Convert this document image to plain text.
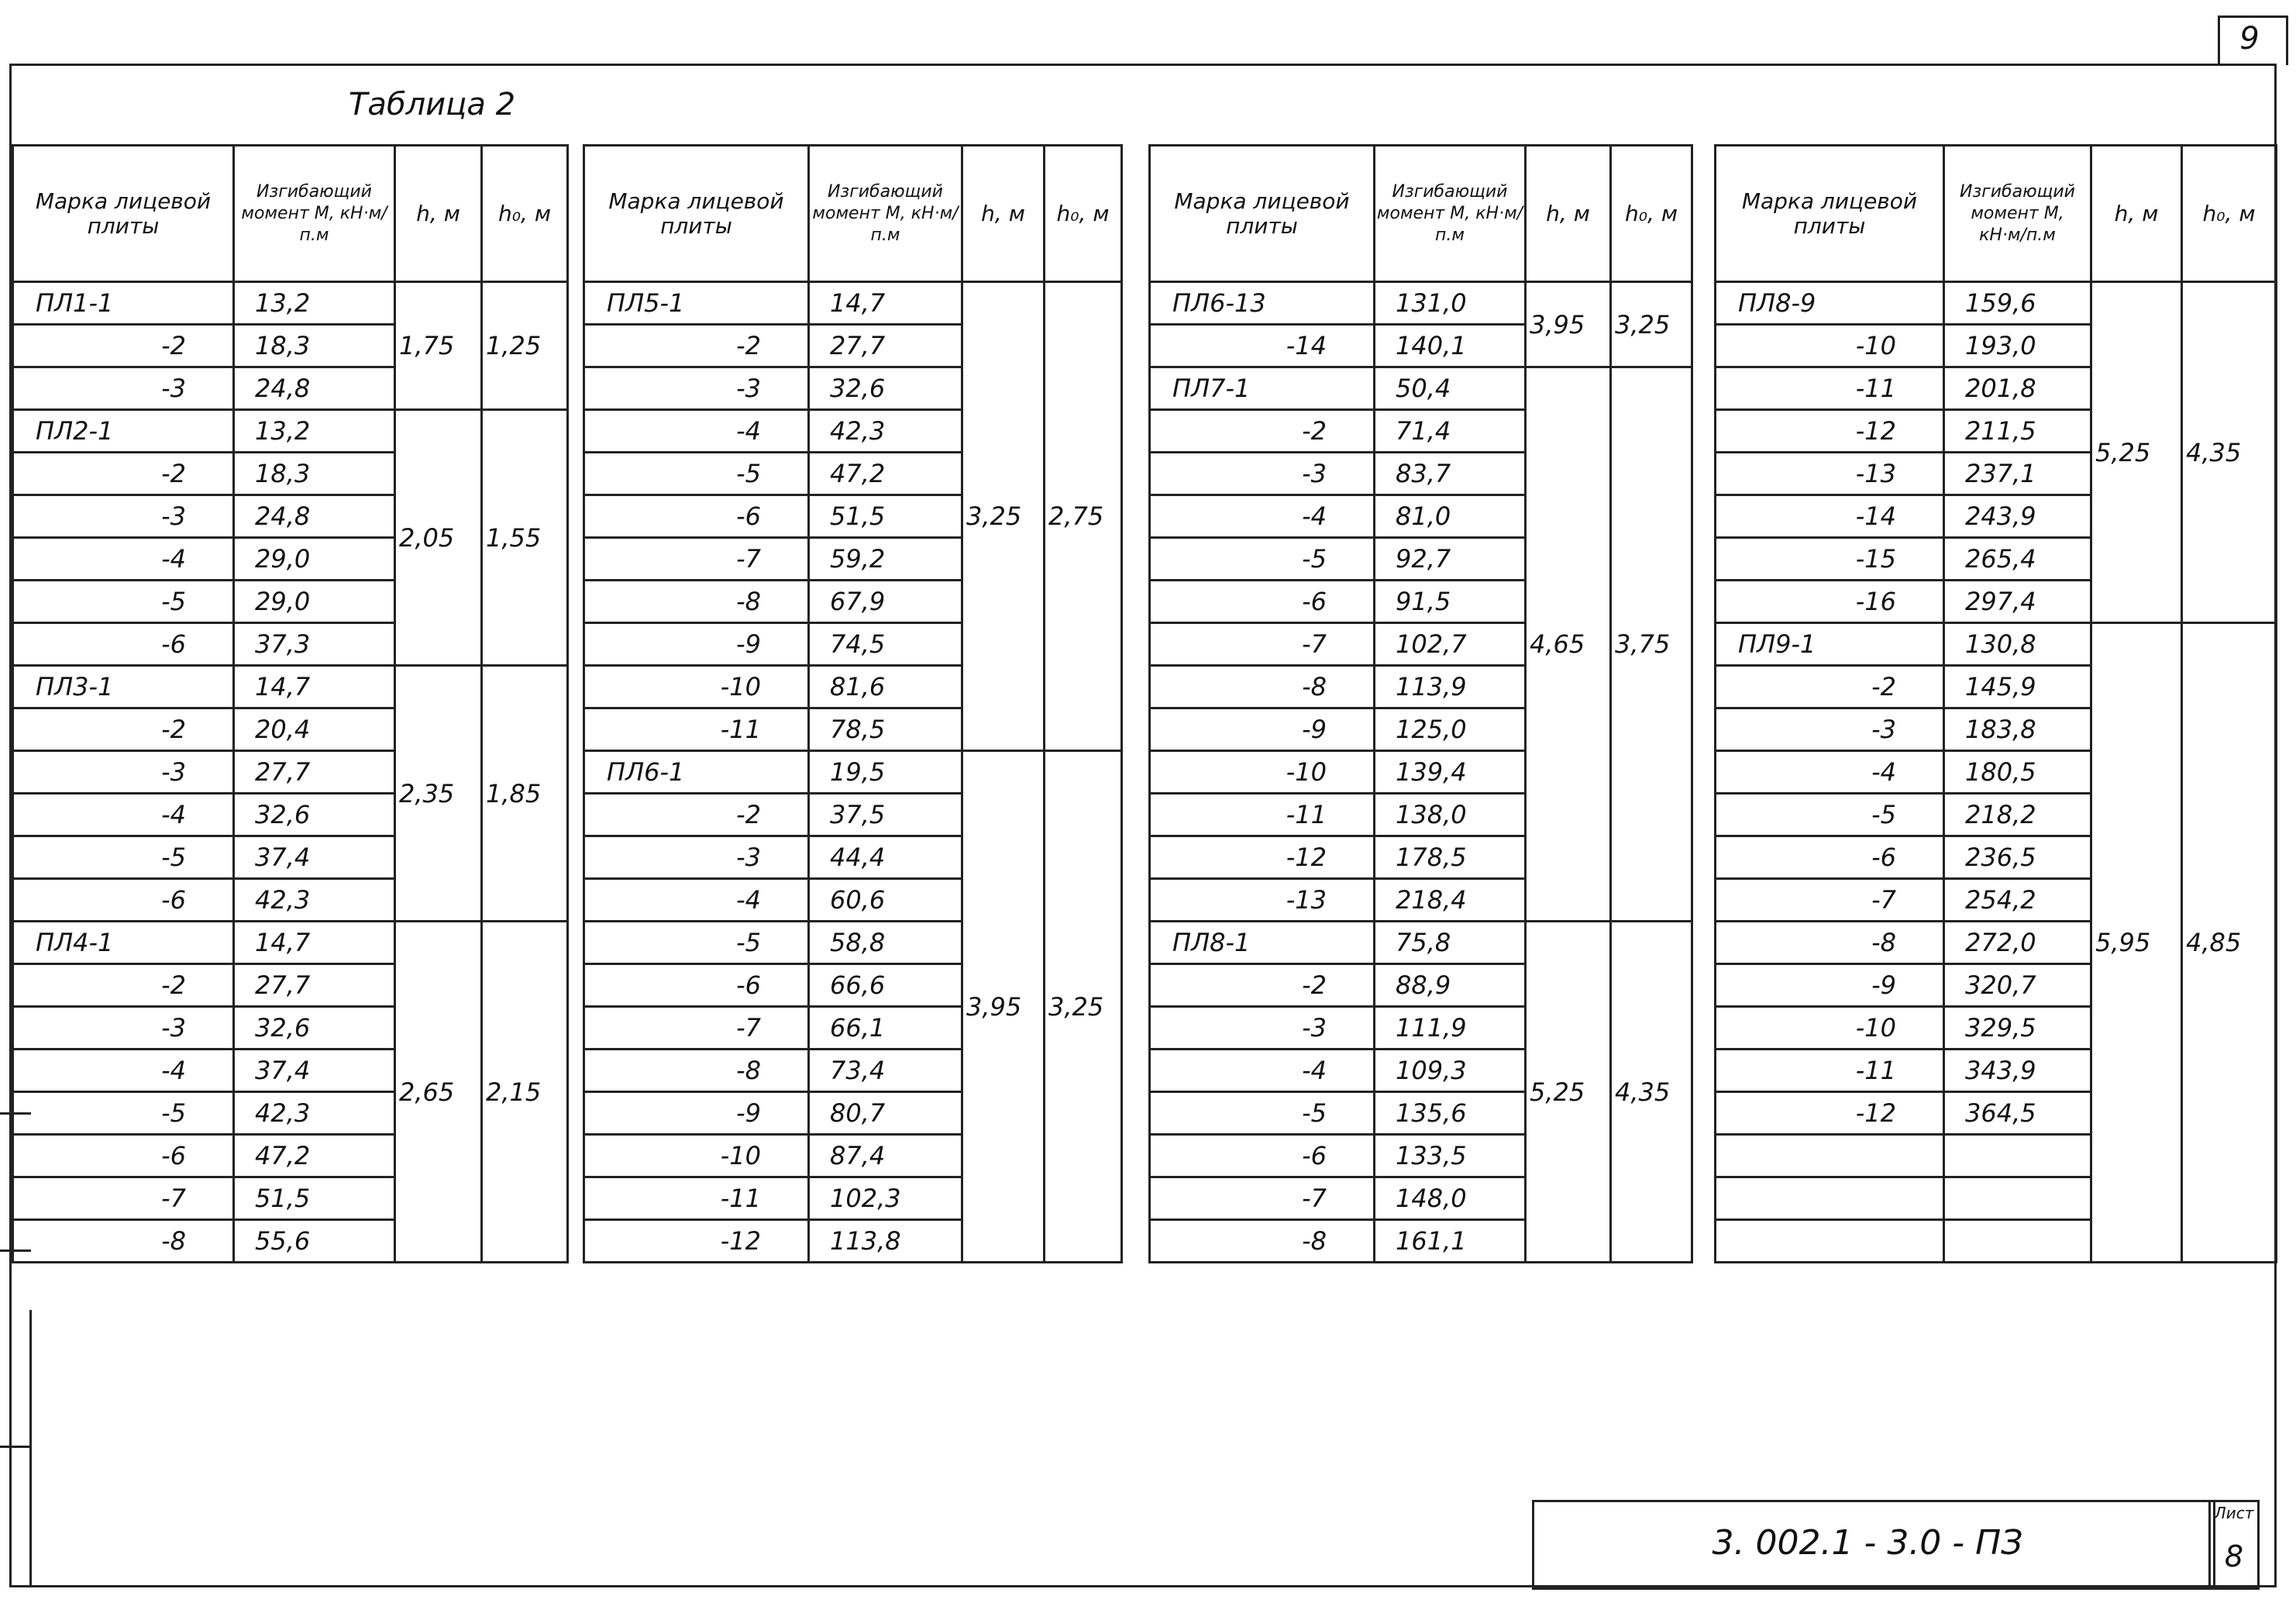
9
Таблица 2
Марка лицевой плиты	Изгибающий момент М, кН·м/п.м	h, м	h₀, м
ПЛ1-1	13,2	1,75	1,25
-2	18,3		
-3	24,8		
ПЛ2-1	13,2	2,05	1,55
-2	18,3		
-3	24,8		
-4	29,0		
-5	29,0		
-6	37,3		
ПЛ3-1	14,7	2,35	1,85
-2	20,4		
-3	27,7		
-4	32,6		
-5	37,4		
-6	42,3		
ПЛ4-1	14,7	2,65	2,15
-2	27,7		
-3	32,6		
-4	37,4		
-5	42,3		
-6	47,2		
-7	51,5		
-8	55,6		
Марка лицевой плиты	Изгибающий момент М, кН·м/п.м	h, м	h₀, м
ПЛ5-1	14,7	3,25	2,75
-2	27,7		
-3	32,6		
-4	42,3		
-5	47,2		
-6	51,5		
-7	59,2		
-8	67,9		
-9	74,5		
-10	81,6		
-11	78,5		
ПЛ6-1	19,5	3,95	3,25
-2	37,5		
-3	44,4		
-4	60,6		
-5	58,8		
-6	66,6		
-7	66,1		
-8	73,4		
-9	80,7		
-10	87,4		
-11	102,3		
-12	113,8		
Марка лицевой плиты	Изгибающий момент М, кН·м/п.м	h, м	h₀, м
ПЛ6-13	131,0	3,95	3,25
-14	140,1		
ПЛ7-1	50,4	4,65	3,75
-2	71,4		
-3	83,7		
-4	81,0		
-5	92,7		
-6	91,5		
-7	102,7		
-8	113,9		
-9	125,0		
-10	139,4		
-11	138,0		
-12	178,5		
-13	218,4		
ПЛ8-1	75,8	5,25	4,35
-2	88,9		
-3	111,9		
-4	109,3		
-5	135,6		
-6	133,5		
-7	148,0		
-8	161,1		
Марка лицевой плиты	Изгибающий момент М, кН·м/п.м	h, м	h₀, м
ПЛ8-9	159,6	5,25	4,35
-10	193,0		
-11	201,8		
-12	211,5		
-13	237,1		
-14	243,9		
-15	265,4		
-16	297,4		
ПЛ9-1	130,8	5,95	4,85
-2	145,9		
-3	183,8		
-4	180,5		
-5	218,2		
-6	236,5		
-7	254,2		
-8	272,0		
-9	320,7		
-10	329,5		
-11	343,9		
-12	364,5		

3. 002.1 - 3.0 - ПЗ
Лист
8
